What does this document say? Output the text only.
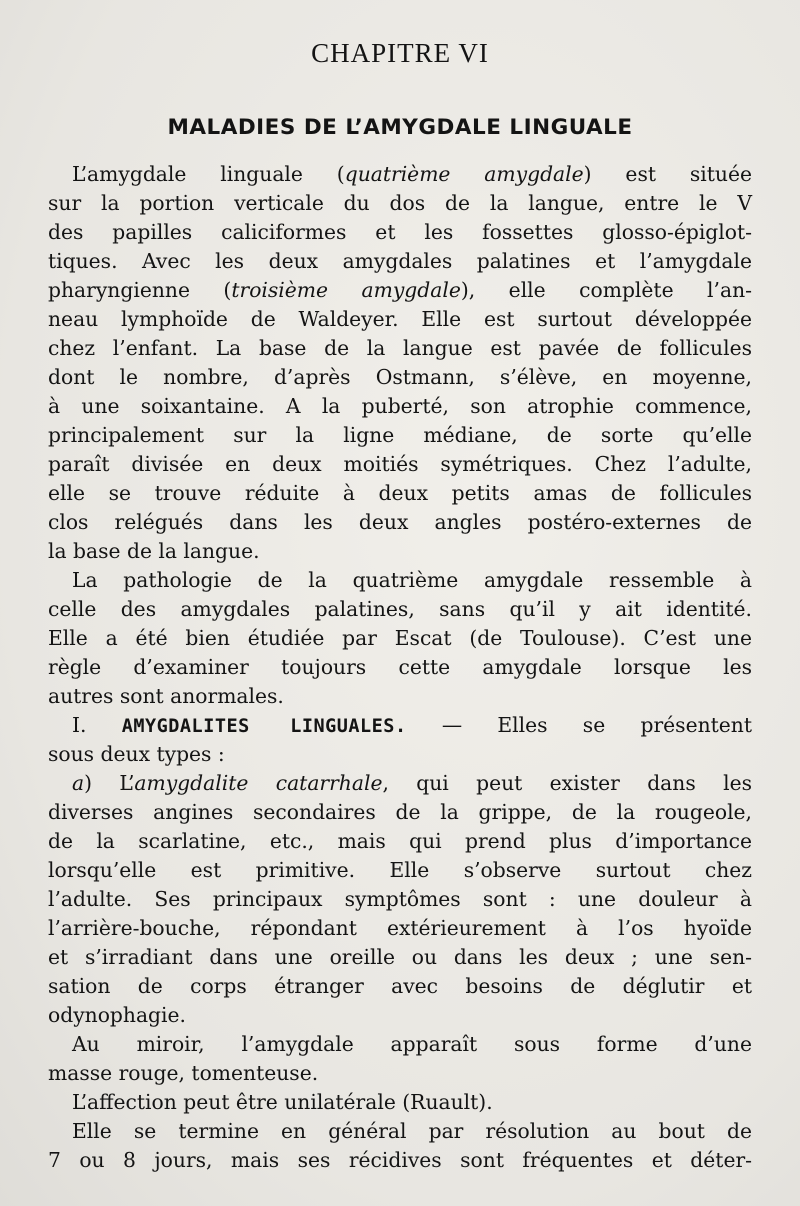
CHAPITRE VI
MALADIES DE L’AMYGDALE LINGUALE
L’amygdale linguale (quatrième amygdale) est située
sur la portion verticale du dos de la langue, entre le V
des papilles caliciformes et les fossettes glosso-épiglot-
tiques. Avec les deux amygdales palatines et l’amygdale
pharyngienne (troisième amygdale), elle complète l’an-
neau lymphoïde de Waldeyer. Elle est surtout développée
chez l’enfant. La base de la langue est pavée de follicules
dont le nombre, d’après Ostmann, s’élève, en moyenne,
à une soixantaine. A la puberté, son atrophie commence,
principalement sur la ligne médiane, de sorte qu’elle
paraît divisée en deux moitiés symétriques. Chez l’adulte,
elle se trouve réduite à deux petits amas de follicules
clos relégués dans les deux angles postéro-externes de
la base de la langue.
La pathologie de la quatrième amygdale ressemble à
celle des amygdales palatines, sans qu’il y ait identité.
Elle a été bien étudiée par Escat (de Toulouse). C’est une
règle d’examiner toujours cette amygdale lorsque les
autres sont anormales.
I. AMYGDALITES LINGUALES. — Elles se présentent
sous deux types :
a) L’amygdalite catarrhale, qui peut exister dans les
diverses angines secondaires de la grippe, de la rougeole,
de la scarlatine, etc., mais qui prend plus d’importance
lorsqu’elle est primitive. Elle s’observe surtout chez
l’adulte. Ses principaux symptômes sont : une douleur à
l’arrière-bouche, répondant extérieurement à l’os hyoïde
et s’irradiant dans une oreille ou dans les deux ; une sen-
sation de corps étranger avec besoins de déglutir et
odynophagie.
Au miroir, l’amygdale apparaît sous forme d’une
masse rouge, tomenteuse.
L’affection peut être unilatérale (Ruault).
Elle se termine en général par résolution au bout de
7 ou 8 jours, mais ses récidives sont fréquentes et déter-
